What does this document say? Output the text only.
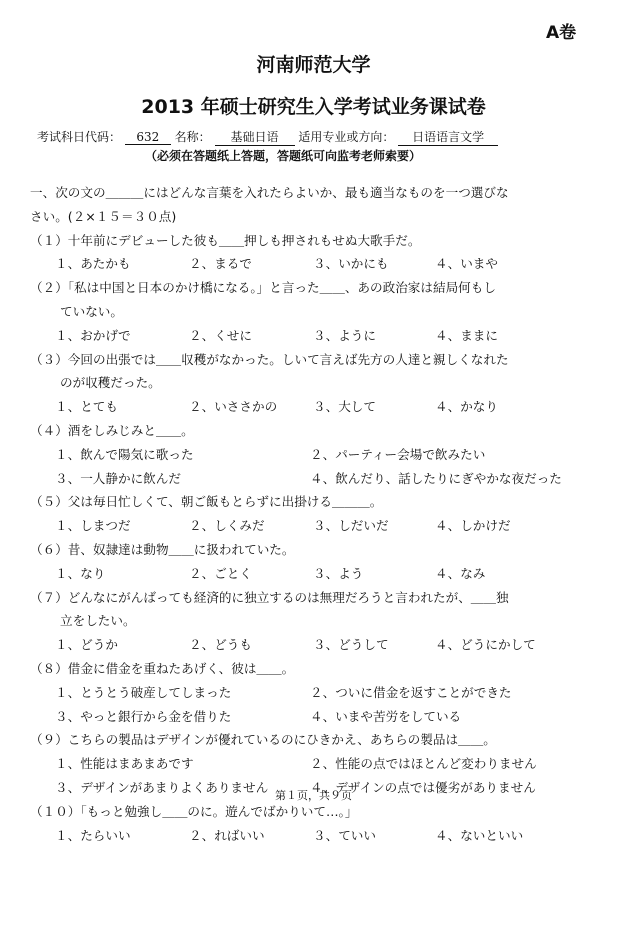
A卷
河南师范大学
2013 年硕士研究生入学考试业务课试卷
考试科日代码： 632 名称： 基础日语 适用专业或方向： 日语语言文学
（必须在答题纸上答题，答题纸可向监考老师索要）
一、次の文の＿＿＿にはどんな言葉を入れたらよいか、最も適当なものを一つ選びな
さい。(２×１５＝３０点)
（１）十年前にデビューした彼も＿＿押しも押されもせぬ大歌手だ。
１、あたかも	２、まるで	３、いかにも	４、いまや
（２）「私は中国と日本のかけ橋になる。」と言った＿＿、あの政治家は結局何もし
ていない。
１、おかげで	２、くせに	３、ように	４、ままに
（３）今回の出張では＿＿収穫がなかった。しいて言えば先方の人達と親しくなれた
のが収穫だった。
１、とても	２、いささかの	３、大して	４、かなり
（４）酒をしみじみと＿＿。
１、飲んで陽気に歌った	２、パーティー会場で飲みたい
３、一人静かに飲んだ	４、飲んだり、話したりにぎやかな夜だった
（５）父は毎日忙しくて、朝ご飯もとらずに出掛ける＿＿＿。
１、しまつだ	２、しくみだ	３、しだいだ	４、しかけだ
（６）昔、奴隷達は動物＿＿に扱われていた。
１、なり	２、ごとく	３、よう	４、なみ
（７）どんなにがんばっても経済的に独立するのは無理だろうと言われたが、＿＿独
立をしたい。
１、どうか	２、どうも	３、どうして	４、どうにかして
（８）借金に借金を重ねたあげく、彼は＿＿。
１、とうとう破産してしまった	２、ついに借金を返すことができた
３、やっと銀行から金を借りた	４、いまや苦労をしている
（９）こちらの製品はデザインが優れているのにひきかえ、あちらの製品は＿＿。
１、性能はまあまあです	２、性能の点ではほとんど変わりません
３、デザインがあまりよくありません	４、デザインの点では優劣がありません
（１０）「もっと勉強し＿＿のに。遊んでばかりいて…。」
１、たらいい	２、ればいい	３、ていい	４、ないといい
第１页，共９页
